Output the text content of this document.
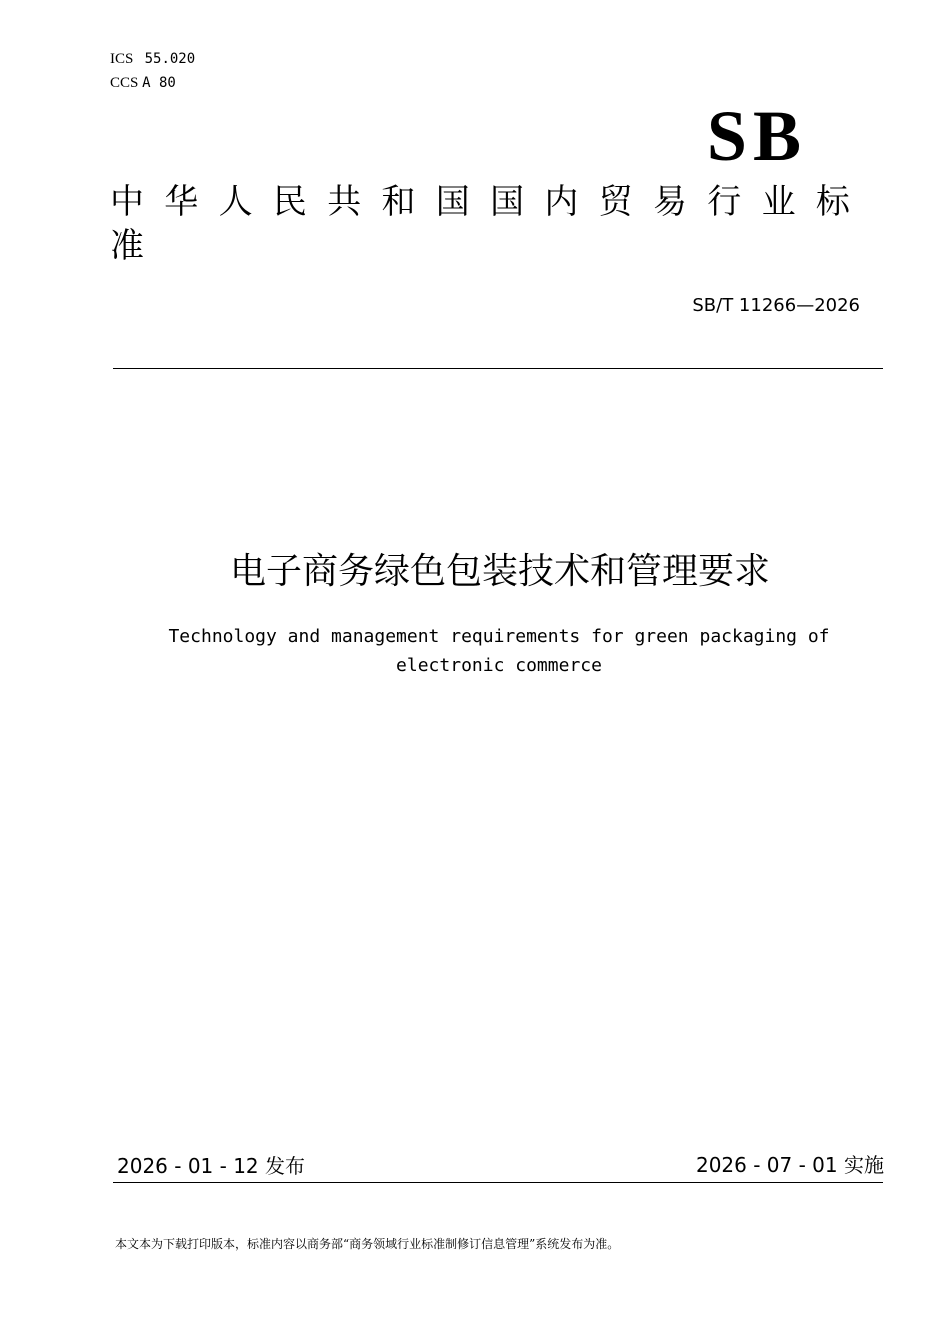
ICS 55.020
CCS A 80
SB
中华人民共和国国内贸易行业标准
SB/T 11266—2026
电子商务绿色包装技术和管理要求
Technology and management requirements for green packaging of electronic commerce
2026 - 01 - 12 发布	2026 - 07 - 01 实施
本文本为下载打印版本，标准内容以商务部“商务领域行业标准制修订信息管理”系统发布为准。
